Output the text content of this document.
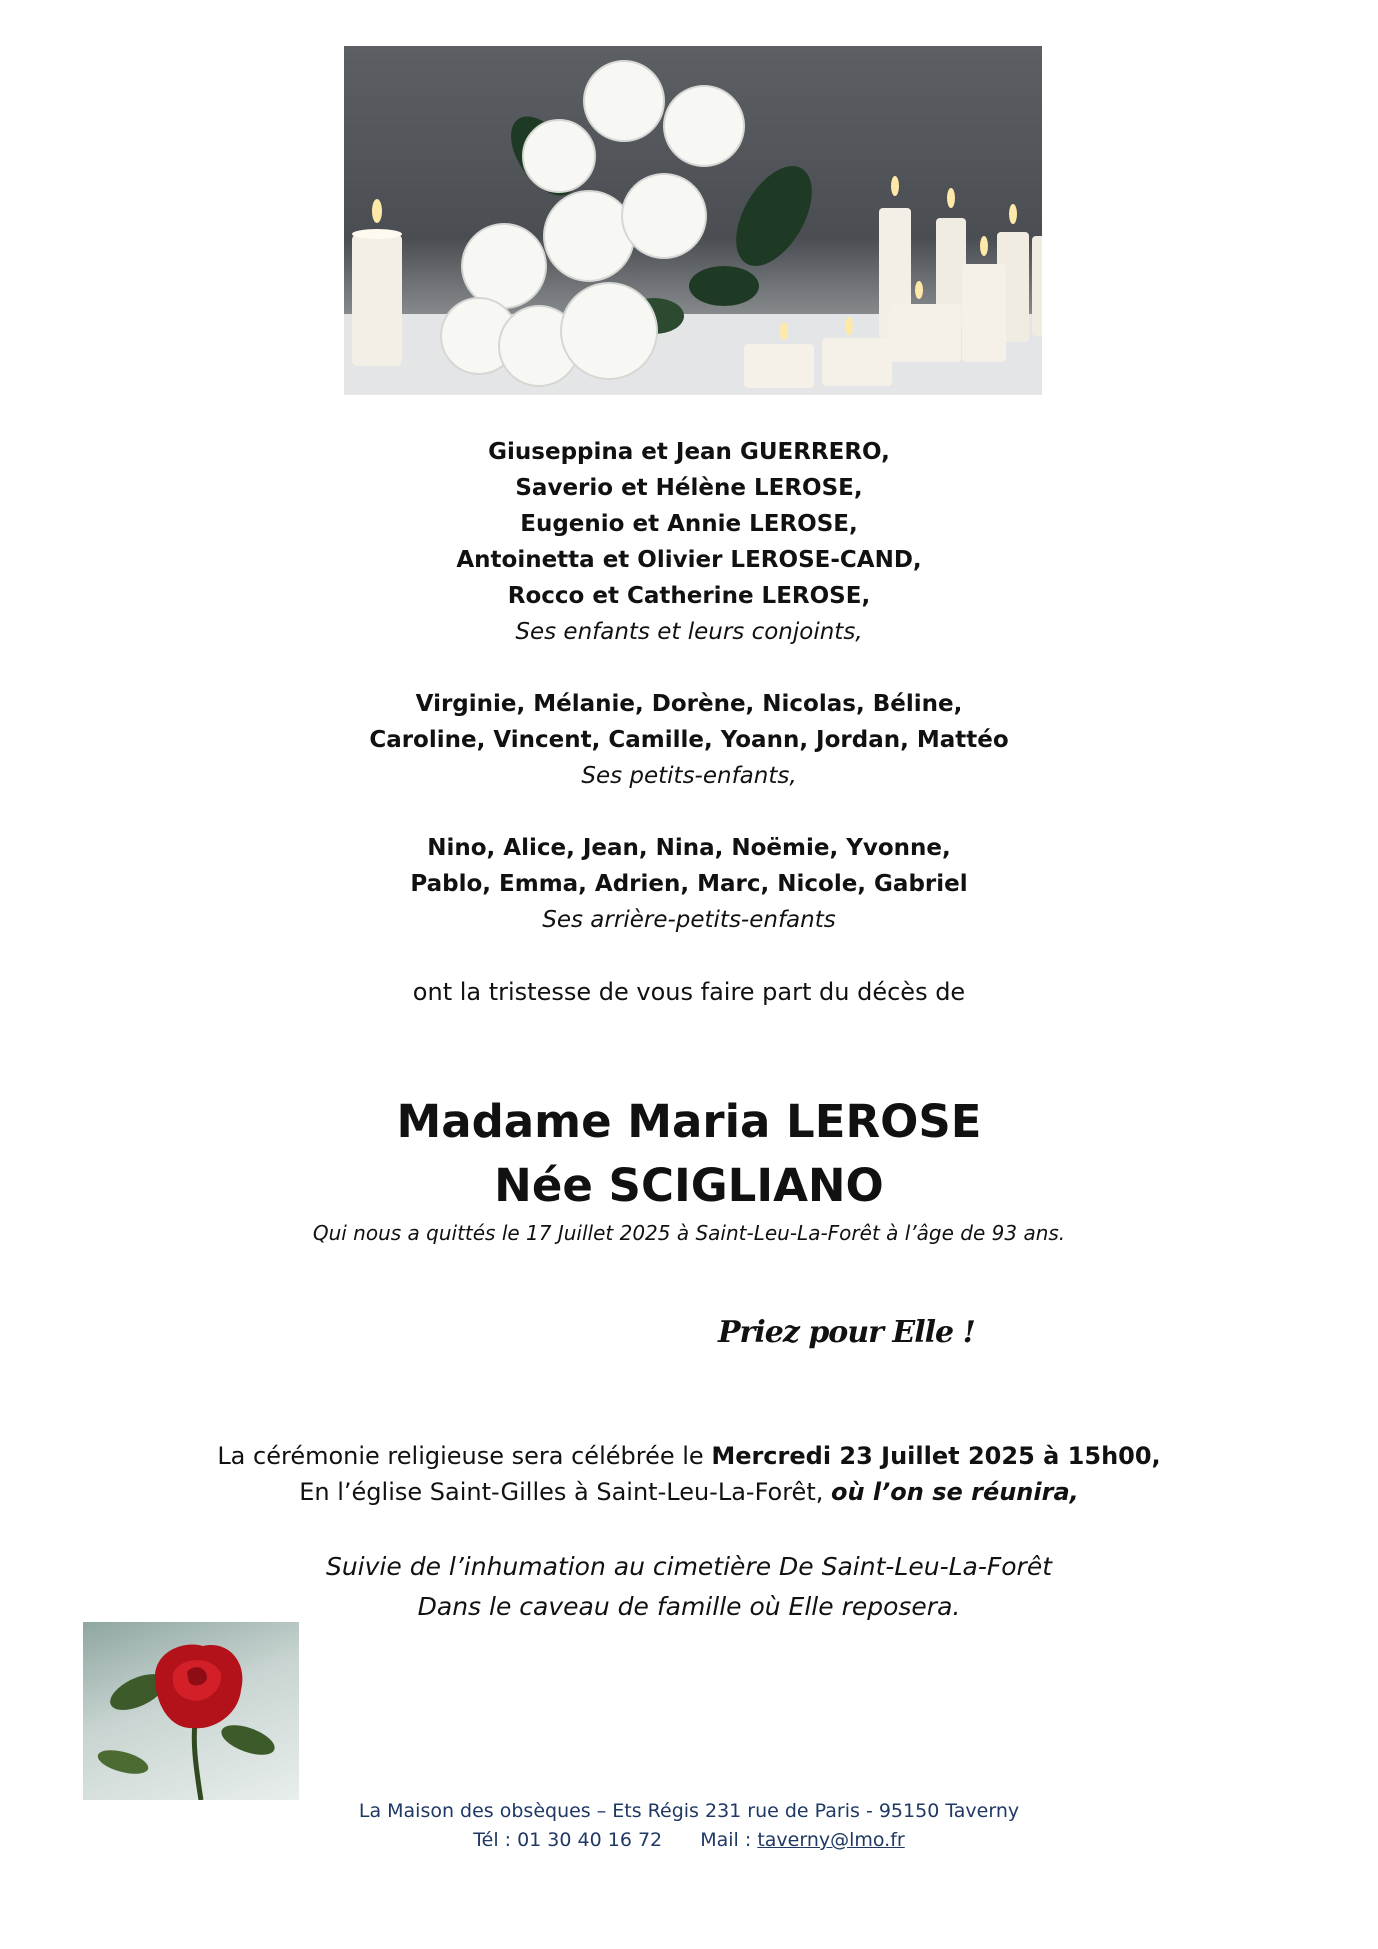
Giuseppina et Jean GUERRERO,

Saverio et Hélène LEROSE,

Eugenio et Annie LEROSE,

Antoinetta et Olivier LEROSE-CAND,

Rocco et Catherine LEROSE,

Ses enfants et leurs conjoints,

Virginie, Mélanie, Dorène, Nicolas, Béline,

Caroline, Vincent, Camille, Yoann, Jordan, Mattéo

Ses petits-enfants,

Nino, Alice, Jean, Nina, Noëmie, Yvonne,

Pablo, Emma, Adrien, Marc, Nicole, Gabriel

Ses arrière-petits-enfants

ont la tristesse de vous faire part du décès de

Madame Maria LEROSE
Née SCIGLIANO
Qui nous a quittés le 17 Juillet 2025 à Saint-Leu-La-Forêt à l’âge de 93 ans.
Priez pour Elle !
La cérémonie religieuse sera célébrée le Mercredi 23 Juillet 2025 à 15h00,
En l’église Saint-Gilles à Saint-Leu-La-Forêt, où l’on se réunira,
Suivie de l’inhumation au cimetière De Saint-Leu-La-Forêt
Dans le caveau de famille où Elle reposera.
La Maison des obsèques – Ets Régis 231 rue de Paris - 95150 Taverny
Tél : 01 30 40 16 72 Mail : taverny@lmo.fr
